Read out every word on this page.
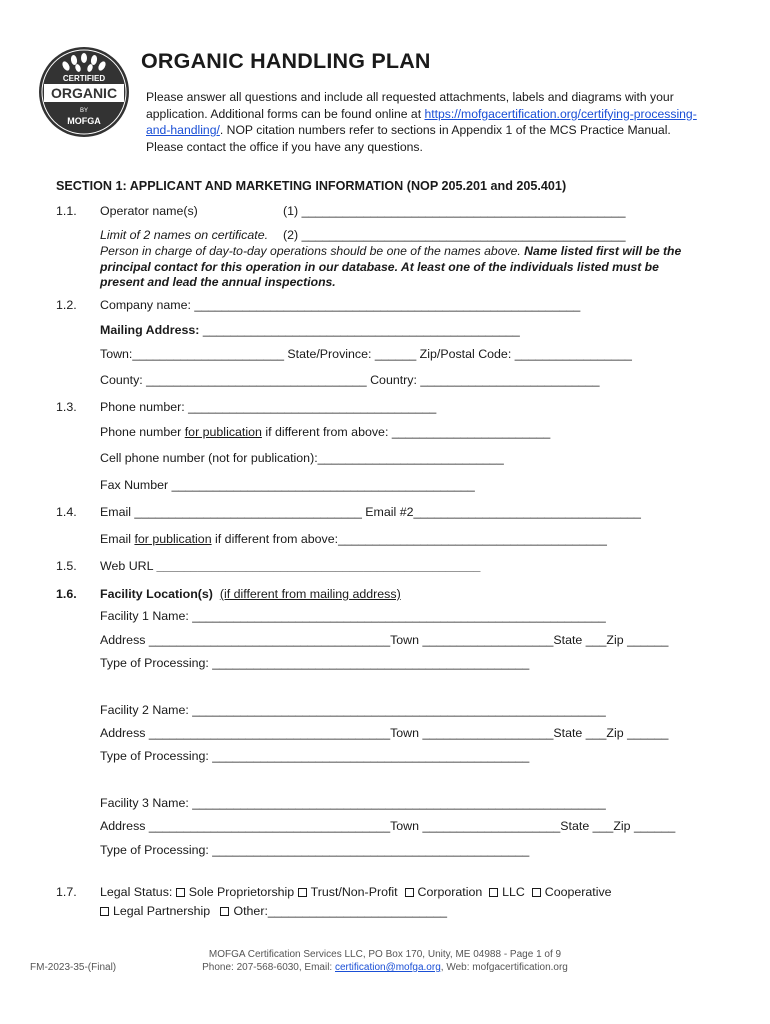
CERTIFIED
ORGANIC
BY
MOFGA
ORGANIC HANDLING PLAN
Please answer all questions and include all requested attachments, labels and diagrams with your
application. Additional forms can be found online at https://mofgacertification.org/certifying-processing-
and-handling/. NOP citation numbers refer to sections in Appendix 1 of the MCS Practice Manual.
Please contact the office if you have any questions.
SECTION 1: APPLICANT AND MARKETING INFORMATION (NOP 205.201 and 205.401)
1.1. Operator name(s)	(1) _______________________________________________
Limit of 2 names on certificate. (2) _______________________________________________
Person in charge of day-to-day operations should be one of the names above. Name listed first will be the
principal contact for this operation in our database. At least one of the individuals listed must be
present and lead the annual inspections.
1.2. Company name: ________________________________________________________
Mailing Address: ______________________________________________
Town:______________________ State/Province: ______ Zip/Postal Code: _________________
County: ________________________________ Country: __________________________
1.3. Phone number: ____________________________________
Phone number for publication if different from above: _______________________
Cell phone number (not for publication):___________________________
Fax Number ____________________________________________
1.4. Email _________________________________ Email #2_________________________________
Email for publication if different from above:_______________________________________
1.5. Web URL _______________________________________________
1.6. Facility Location(s) (if different from mailing address)
Facility 1 Name: ____________________________________________________________
Address ___________________________________Town ___________________State ___Zip ______
Type of Processing: ______________________________________________
Facility 2 Name: ____________________________________________________________
Address ___________________________________Town ___________________State ___Zip ______
Type of Processing: ______________________________________________
Facility 3 Name: ____________________________________________________________
Address ___________________________________Town ____________________State ___Zip ______
Type of Processing: ______________________________________________
1.7. Legal Status: Sole Proprietorship Trust/Non-Profit Corporation LLC Cooperative
Legal Partnership Other:__________________________
MOFGA Certification Services LLC, PO Box 170, Unity, ME 04988 - Page 1 of 9
Phone: 207-568-6030, Email: certification@mofga.org, Web: mofgacertification.org
FM-2023-35-(Final)
